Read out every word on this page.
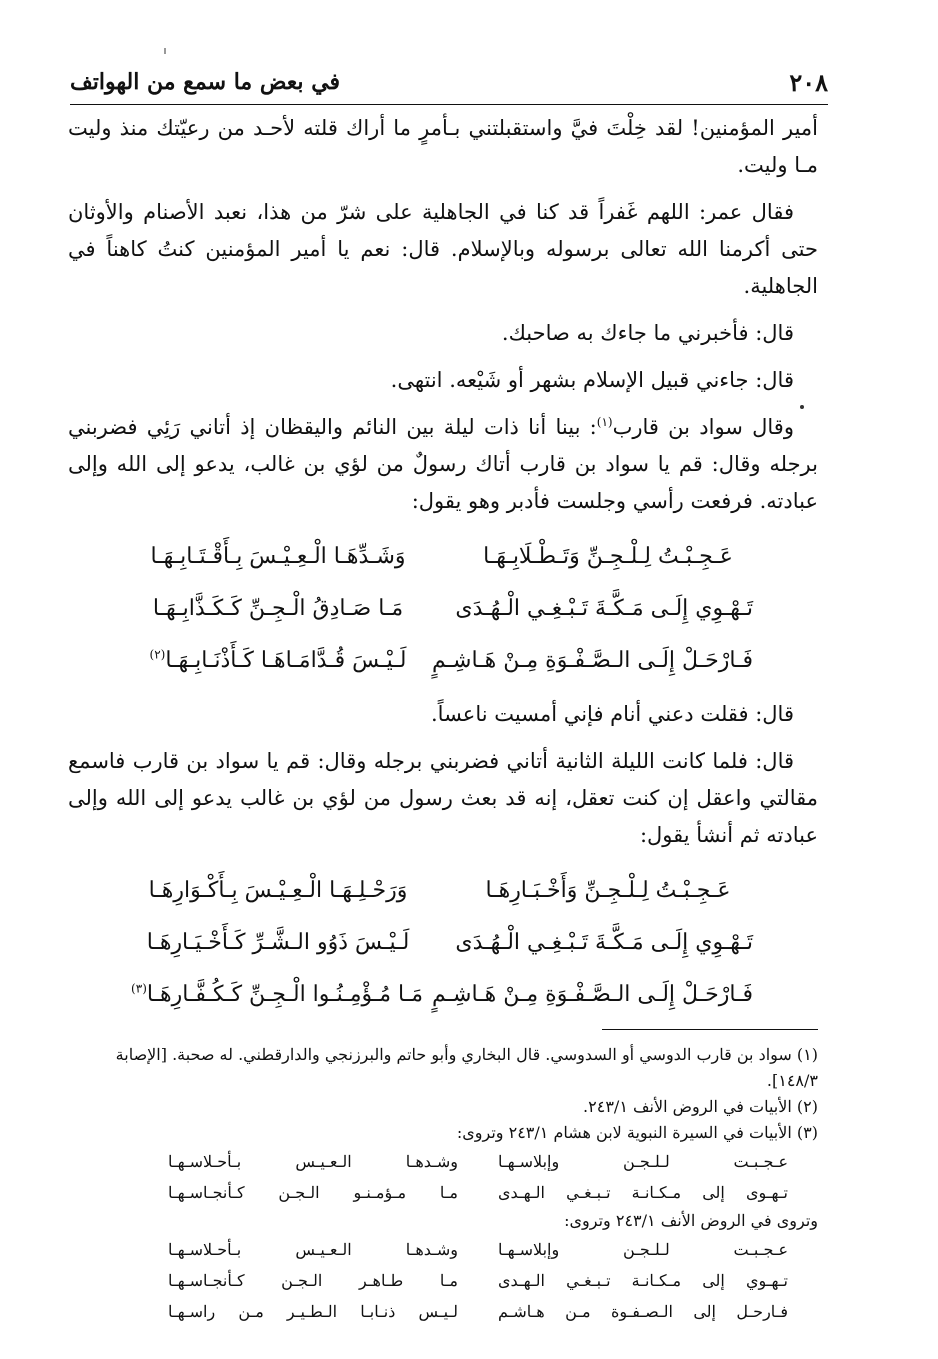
٢٠٨
في بعض ما سمع من الهواتف

أمير المؤمنين! لقد خِلْتَ فيَّ واستقبلتني بـأمرٍ ما أراك قلته لأحـد من رعيّتك منذ وليت مـا وليت.

فقال عمر: اللهم غَفراً قد كنا في الجاهلية على شرّ من هذا، نعبد الأصنام والأوثان حتى أكرمنا الله تعالى برسوله وبالإسلام. قال: نعم يا أمير المؤمنين كنتُ كاهناً في الجاهلية.

قال: فأخبرني ما جاءك به صاحبك.

قال: جاءني قبيل الإسلام بشهر أو شَيْعه. انتهى.

وقال سواد بن قارب$^{(١)}$: بينا أنا ذات ليلة بين النائم واليقظان إذ أتاني رَئِي فضربني برجله وقال: قم يا سواد بن قارب أتاك رسولٌ من لؤي بن غالب، يدعو إلى الله وإلى عبادته. فرفعت رأسي وجلست فأدبر وهو يقول:

عَـجِـبْـتُ لِـلْـجِـنِّ وَتَـطْـلَابِـهَـا
وَشَـدِّهَـا الْـعِـيْـسَ بِـأَقْـتَـابِـهَـا
تَـهْـوِي إِلَـى مَـكَّـةَ تَـبْـغِـي الْـهُـدَى
مَـا صَـادِقُ الْـجِـنِّ كَـكَـذَّابِـهَـا
فَـارْحَـلْ إِلَـى الـصَّـفْـوَةِ مِـنْ هَـاشِـمٍ
لَـيْـسَ قُـدَّامَـاهَـا كَـأَذْنَـابِـهَـا$^{(٢)}$

قال: فقلت دعني أنام فإني أمسيت ناعساً.

قال: فلما كانت الليلة الثانية أتاني فضربني برجله وقال: قم يا سواد بن قارب فاسمع مقالتي واعقل إن كنت تعقل، إنه قد بعث رسول من لؤي بن غالب يدعو إلى الله وإلى عبادته ثم أنشأ يقول:

عَـجِـبْـتُ لِـلْـجِـنِّ وَأَخْـبَـارِهَـا
وَرَحْـلِـهَـا الْـعِـيْـسَ بِـأَكْـوَارِهَـا
تَـهْـوِي إِلَـى مَـكَّـةَ تَـبْـغِـي الْـهُـدَى
لَـيْـسَ ذَوُو الـشَّـرِّ كَـأَخْـيَـارِهَـا
فَـارْحَـلْ إِلَـى الـصَّـفْـوَةِ مِـنْ هَـاشِـمٍ
مَـا مُـؤْمِـنُـوا الْـجِـنِّ كَـكُـفَّـارِهَـا$^{(٣)}$

(١) سواد بن قارب الدوسي أو السدوسي. قال البخاري وأبو حاتم والبرزنجي والدارقطني. له صحبة. [الإصابة ١٤٨/٣].

(٢) الأبيات في الروض الأنف ٢٤٣/١.

(٣) الأبيات في السيرة النبوية لابن هشام ٢٤٣/١ وتروى:

عـجـبـت لـلـجـن وإبلاسـهـا
وشـدهـا الـعـيـس بـأحـلاسـهـا
تـهـوى إلى مـكـانـة تـبـغـي الـهـدى
مـا مـؤمـنـو الـجـن كـأنجـاسـهـا

وتروى في الروض الأنف ٢٤٣/١ وتروى:

عـجـبـت لـلـجـن وإبلاسـهـا
وشـدهـا الـعـيـس بـأحـلاسـهـا
تـهـوي إلى مـكـانـة تـبـغـي الـهـدى
مـا طـاهـر الـجـن كـأنجـاسـهـا
فـارحـل إلى الـصـفـوة مـن هـاشـم
لـيـس ذنـابـا الـطـيـر مـن راسـهـا
